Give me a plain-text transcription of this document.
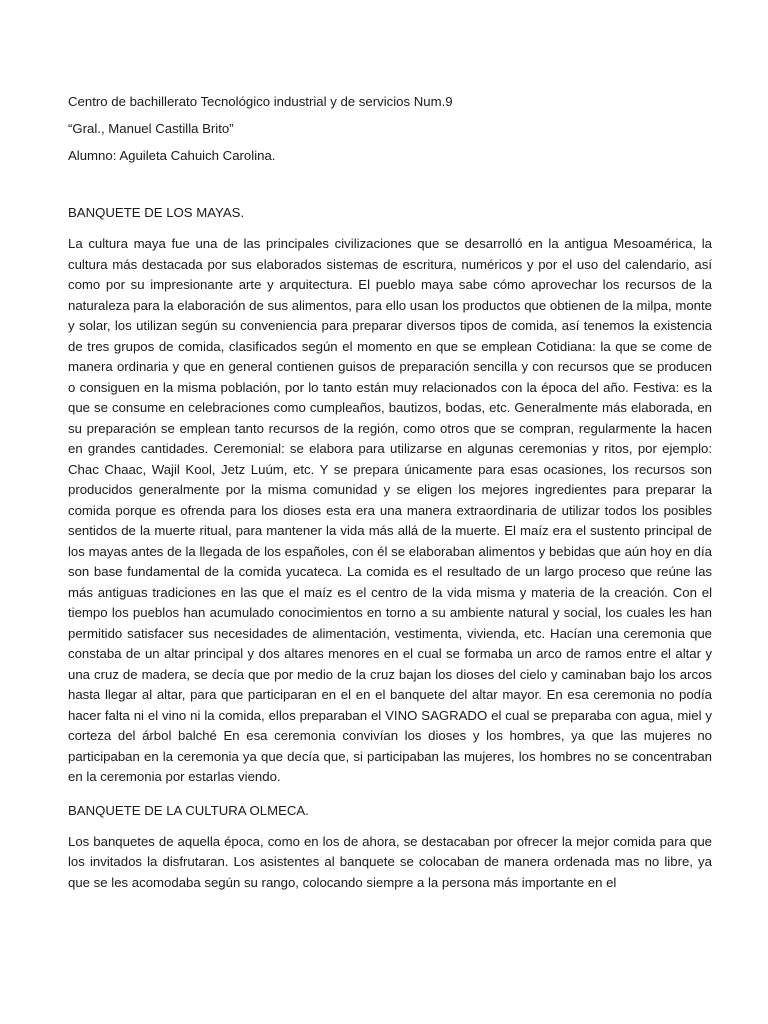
Centro de bachillerato Tecnológico industrial y de servicios Num.9

“Gral., Manuel Castilla Brito”

Alumno: Aguileta Cahuich Carolina.

BANQUETE DE LOS MAYAS.

La cultura maya fue una de las principales civilizaciones que se desarrolló en la antigua Mesoamérica, la cultura más destacada por sus elaborados sistemas de escritura, numéricos y por el uso del calendario, así como por su impresionante arte y arquitectura. El pueblo maya sabe cómo aprovechar los recursos de la naturaleza para la elaboración de sus alimentos, para ello usan los productos que obtienen de la milpa, monte y solar, los utilizan según su conveniencia para preparar diversos tipos de comida, así tenemos la existencia de tres grupos de comida, clasificados según el momento en que se emplean Cotidiana: la que se come de manera ordinaria y que en general contienen guisos de preparación sencilla y con recursos que se producen o consiguen en la misma población, por lo tanto están muy relacionados con la época del año. Festiva: es la que se consume en celebraciones como cumpleaños, bautizos, bodas, etc. Generalmente más elaborada, en su preparación se emplean tanto recursos de la región, como otros que se compran, regularmente la hacen en grandes cantidades. Ceremonial: se elabora para utilizarse en algunas ceremonias y ritos, por ejemplo: Chac Chaac, Wajil Kool, Jetz Luúm, etc. Y se prepara únicamente para esas ocasiones, los recursos son producidos generalmente por la misma comunidad y se eligen los mejores ingredientes para preparar la comida porque es ofrenda para los dioses esta era una manera extraordinaria de utilizar todos los posibles sentidos de la muerte ritual, para mantener la vida más allá de la muerte. El maíz era el sustento principal de los mayas antes de la llegada de los españoles, con él se elaboraban alimentos y bebidas que aún hoy en día son base fundamental de la comida yucateca. La comida es el resultado de un largo proceso que reúne las más antiguas tradiciones en las que el maíz es el centro de la vida misma y materia de la creación. Con el tiempo los pueblos han acumulado conocimientos en torno a su ambiente natural y social, los cuales les han permitido satisfacer sus necesidades de alimentación, vestimenta, vivienda, etc. Hacían una ceremonia que constaba de un altar principal y dos altares menores en el cual se formaba un arco de ramos entre el altar y una cruz de madera, se decía que por medio de la cruz bajan los dioses del cielo y caminaban bajo los arcos hasta llegar al altar, para que participaran en el en el banquete del altar mayor. En esa ceremonia no podía hacer falta ni el vino ni la comida, ellos preparaban el VINO SAGRADO el cual se preparaba con agua, miel y corteza del árbol balché En esa ceremonia convivían los dioses y los hombres, ya que las mujeres no participaban en la ceremonia ya que decía que, si participaban las mujeres, los hombres no se concentraban en la ceremonia por estarlas viendo.

BANQUETE DE LA CULTURA OLMECA.

Los banquetes de aquella época, como en los de ahora, se destacaban por ofrecer la mejor comida para que los invitados la disfrutaran. Los asistentes al banquete se colocaban de manera ordenada mas no libre, ya que se les acomodaba según su rango, colocando siempre a la persona más importante en el
